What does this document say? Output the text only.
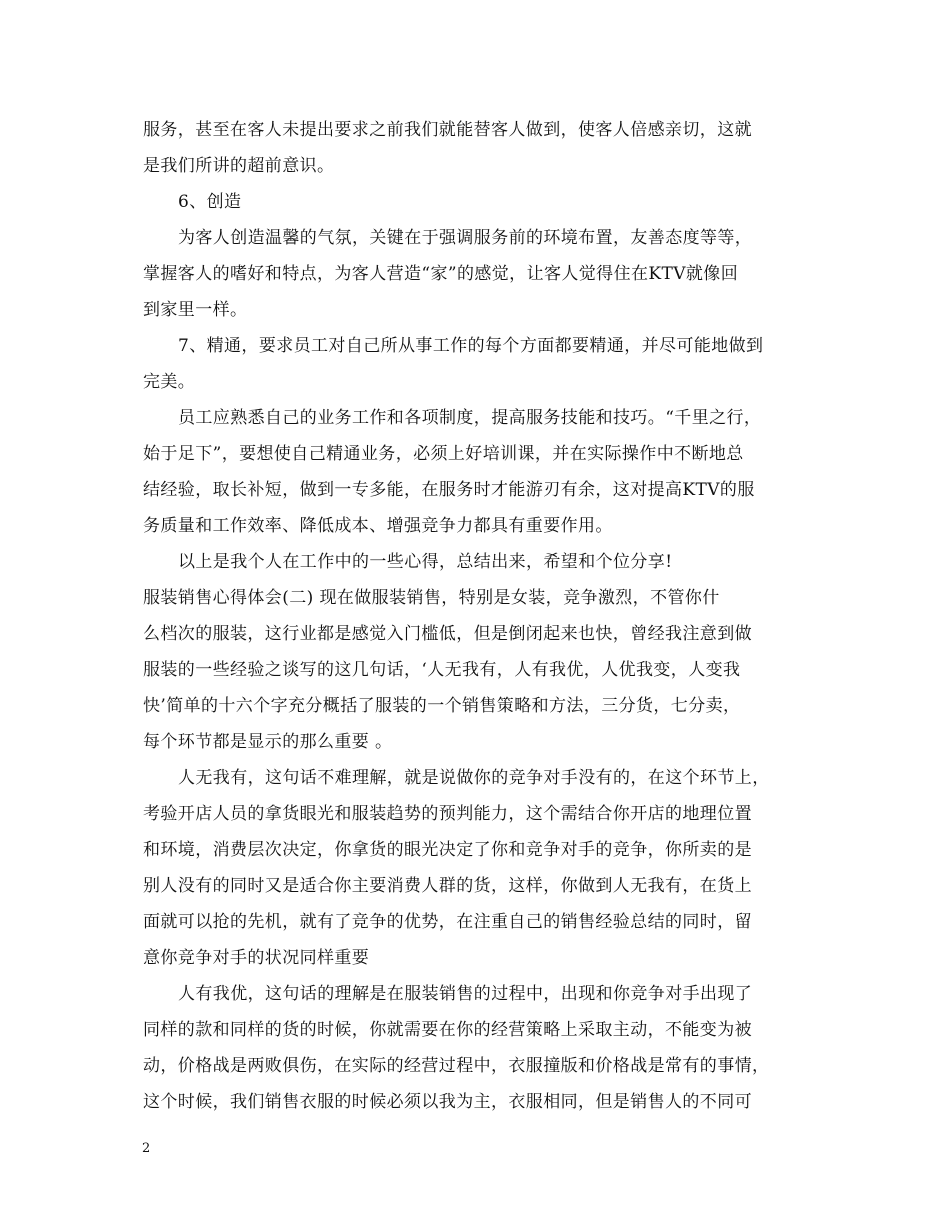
服务，甚至在客人未提出要求之前我们就能替客人做到，使客人倍感亲切，这就
是我们所讲的超前意识。
6、创造
为客人创造温馨的气氛，关键在于强调服务前的环境布置，友善态度等等，
掌握客人的嗜好和特点，为客人营造“家”的感觉，让客人觉得住在KTV就像回
到家里一样。
7、精通，要求员工对自己所从事工作的每个方面都要精通，并尽可能地做到
完美。
员工应熟悉自己的业务工作和各项制度，提高服务技能和技巧。“千里之行，
始于足下”，要想使自己精通业务，必须上好培训课，并在实际操作中不断地总
结经验，取长补短，做到一专多能，在服务时才能游刃有余，这对提高KTV的服
务质量和工作效率、降低成本、增强竞争力都具有重要作用。
以上是我个人在工作中的一些心得，总结出来，希望和个位分享!
服装销售心得体会(二) 现在做服装销售，特别是女装，竞争激烈，不管你什
么档次的服装，这行业都是感觉入门槛低，但是倒闭起来也快，曾经我注意到做
服装的一些经验之谈写的这几句话，‘人无我有，人有我优，人优我变，人变我
快’简单的十六个字充分概括了服装的一个销售策略和方法，三分货，七分卖，
每个环节都是显示的那么重要 。
人无我有，这句话不难理解，就是说做你的竞争对手没有的，在这个环节上，
考验开店人员的拿货眼光和服装趋势的预判能力，这个需结合你开店的地理位置
和环境，消费层次决定，你拿货的眼光决定了你和竞争对手的竞争，你所卖的是
别人没有的同时又是适合你主要消费人群的货，这样，你做到人无我有，在货上
面就可以抢的先机，就有了竞争的优势，在注重自己的销售经验总结的同时，留
意你竞争对手的状况同样重要
人有我优，这句话的理解是在服装销售的过程中，出现和你竞争对手出现了
同样的款和同样的货的时候，你就需要在你的经营策略上采取主动，不能变为被
动，价格战是两败俱伤，在实际的经营过程中，衣服撞版和价格战是常有的事情，
这个时候，我们销售衣服的时候必须以我为主，衣服相同，但是销售人的不同可
2
